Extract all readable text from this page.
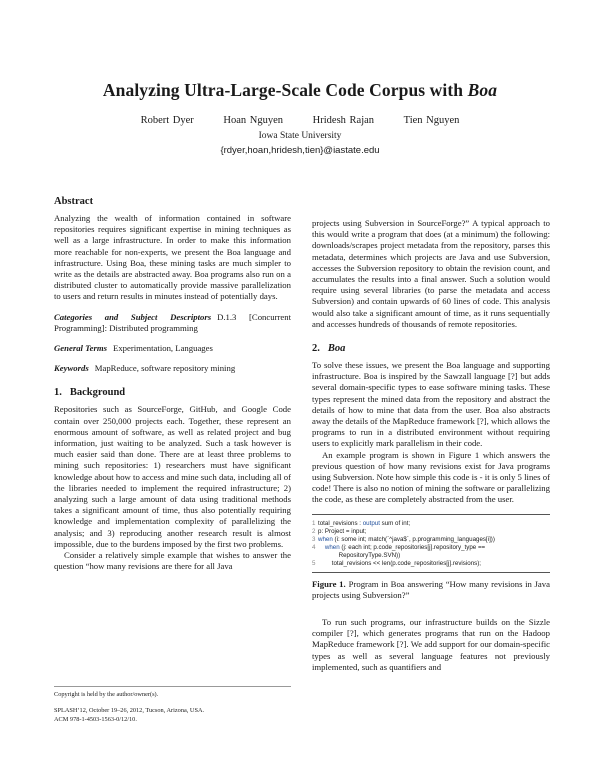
Analyzing Ultra-Large-Scale Code Corpus with Boa
Robert Dyer	Hoan Nguyen	Hridesh Rajan	Tien Nguyen
Iowa State University
{rdyer,hoan,hridesh,tien}@iastate.edu
Abstract

Analyzing the wealth of information contained in software repositories requires significant expertise in mining techniques as well as a large infrastructure. In order to make this information more reachable for non-experts, we present the Boa language and infrastructure. Using Boa, these mining tasks are much simpler to write as the details are abstracted away. Boa programs also run on a distributed cluster to automatically provide massive parallelization to users and return results in minutes instead of potentially days.

Categories and Subject Descriptors D.1.3 [Concurrent Programming]: Distributed programming

General Terms Experimentation, Languages

Keywords MapReduce, software repository mining

1. Background

Repositories such as SourceForge, GitHub, and Google Code contain over 250,000 projects each. Together, these represent an enormous amount of software, as well as related project and bug information, just waiting to be analyzed. Such a task however is much easier said than done. There are at least three problems to mining such repositories: 1) researchers must have significant knowledge about how to access and mine such data, including all of the libraries needed to implement the required infrastructure; 2) analyzing such a large amount of data using traditional methods takes a significant amount of time, thus also potentially requiring knowledge and implementation complexity of parallelizing the analysis; and 3) reproducing another research result is almost impossible, due to the burdens imposed by the first two problems.

Consider a relatively simple example that wishes to answer the question “how many revisions are there for all Java

projects using Subversion in SourceForge?” A typical approach to this would write a program that does (at a minimum) the following: downloads/scrapes project metadata from the repository, parses this metadata, determines which projects are Java and use Subversion, accesses the Subversion repository to obtain the revision count, and accumulates the results into a final answer. Such a solution would require using several libraries (to parse the metadata and access Subversion) and contain upwards of 60 lines of code. This analysis would also take a significant amount of time, as it runs sequentially and accesses hundreds of thousands of remote repositories.

2. Boa

To solve these issues, we present the Boa language and supporting infrastructure. Boa is inspired by the Sawzall language [?] but adds several domain-specific types to ease software mining tasks. These types represent the mined data from the repository and abstract the details of how to mine that data from the user. Boa also abstracts away the details of the MapReduce framework [?], which allows the programs to run in a distributed environment without requiring users to explicitly mark parallelism in their code.

An example program is shown in Figure 1 which answers the previous question of how many revisions exist for Java programs using Subversion. Note how simple this code is - it is only 5 lines of code! There is also no notion of mining the software or parallelizing the code, as these are completely abstracted from the user.

1 total_revisions : output sum of int;
2 p: Project = input;
3 when (i: some int; match(`^java$`, p.programming_languages[i]))
4 when (j: each int; p.code_repositories[j].repository_type ==
RepositoryType.SVN))
5        total_revisions << len(p.code_repositories[j].revisions);

Figure 1. Program in Boa answering “How many revisions in Java projects using Subversion?”

To run such programs, our infrastructure builds on the Sizzle compiler [?], which generates programs that run on the Hadoop MapReduce framework [?]. We add support for our domain-specific types as well as several language features not previously implemented, such as quantifiers and

Copyright is held by the author/owner(s).
SPLASH’12, October 19–26, 2012, Tucson, Arizona, USA.
ACM 978-1-4503-1563-0/12/10.
